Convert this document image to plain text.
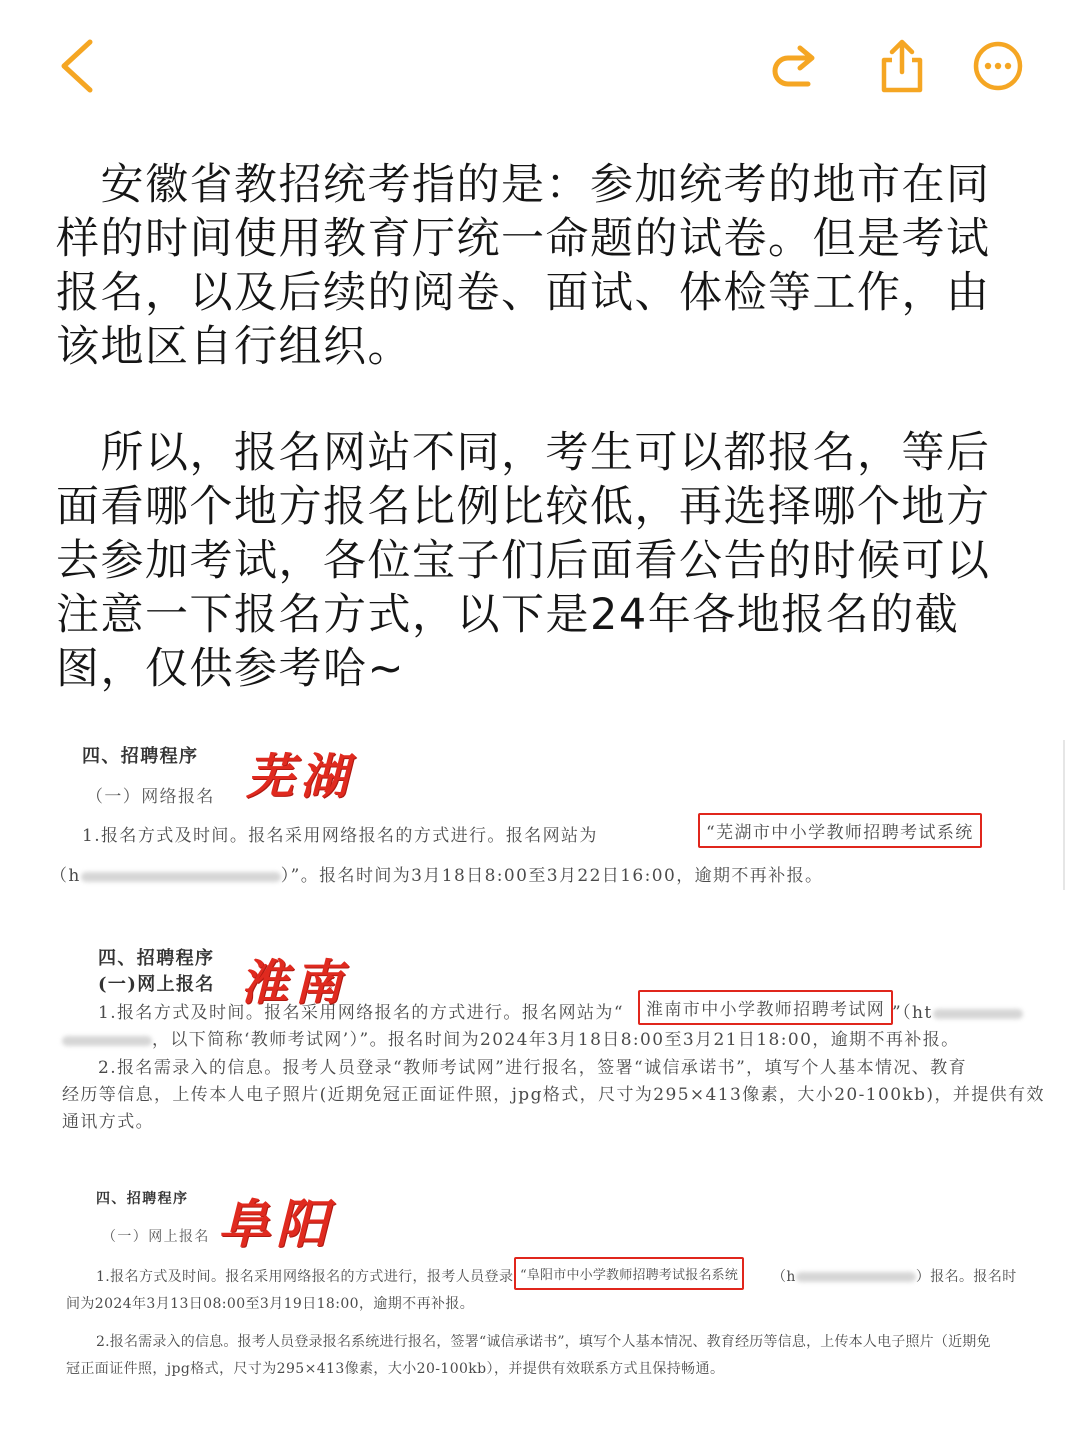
　安徽省教招统考指的是：参加统考的地市在同样的时间使用教育厅统一命题的试卷。但是考试报名，以及后续的阅卷、面试、体检等工作，由该地区自行组织。

　所以，报名网站不同，考生可以都报名，等后面看哪个地方报名比例比较低，再选择哪个地方去参加考试，各位宝子们后面看公告的时候可以注意一下报名方式，以下是24年各地报名的截图，仅供参考哈~

四、招聘程序 芜湖
（一）网络报名
1.报名方式及时间。报名采用网络报名的方式进行。报名网站为	“芜湖市中小学教师招聘考试系统
（h	）”。报名时间为3月18日8:00至3月22日16:00，逾期不再补报。
四、招聘程序 淮南
(一)网上报名
1.报名方式及时间。报名采用网络报名的方式进行。报名网站为“	淮南市中小学教师招聘考试网 ”（ht
，以下简称‘教师考试网’）”。报名时间为2024年3月18日8:00至3月21日18:00，逾期不再补报。
2.报名需录入的信息。报考人员登录“教师考试网”进行报名，签署“诚信承诺书”，填写个人基本情况、教育
经历等信息，上传本人电子照片(近期免冠正面证件照，jpg格式，尺寸为295×413像素，大小20-100kb)，并提供有效
通讯方式。
四、招聘程序 阜阳
（一）网上报名
1.报名方式及时间。报名采用网络报名的方式进行，报考人员登录 “阜阳市中小学教师招聘考试报名系统	（h	）报名。报名时
间为2024年3月13日08:00至3月19日18:00，逾期不再补报。
2.报名需录入的信息。报考人员登录报名系统进行报名，签署“诚信承诺书”，填写个人基本情况、教育经历等信息，上传本人电子照片（近期免
冠正面证件照，jpg格式，尺寸为295×413像素，大小20-100kb），并提供有效联系方式且保持畅通。
